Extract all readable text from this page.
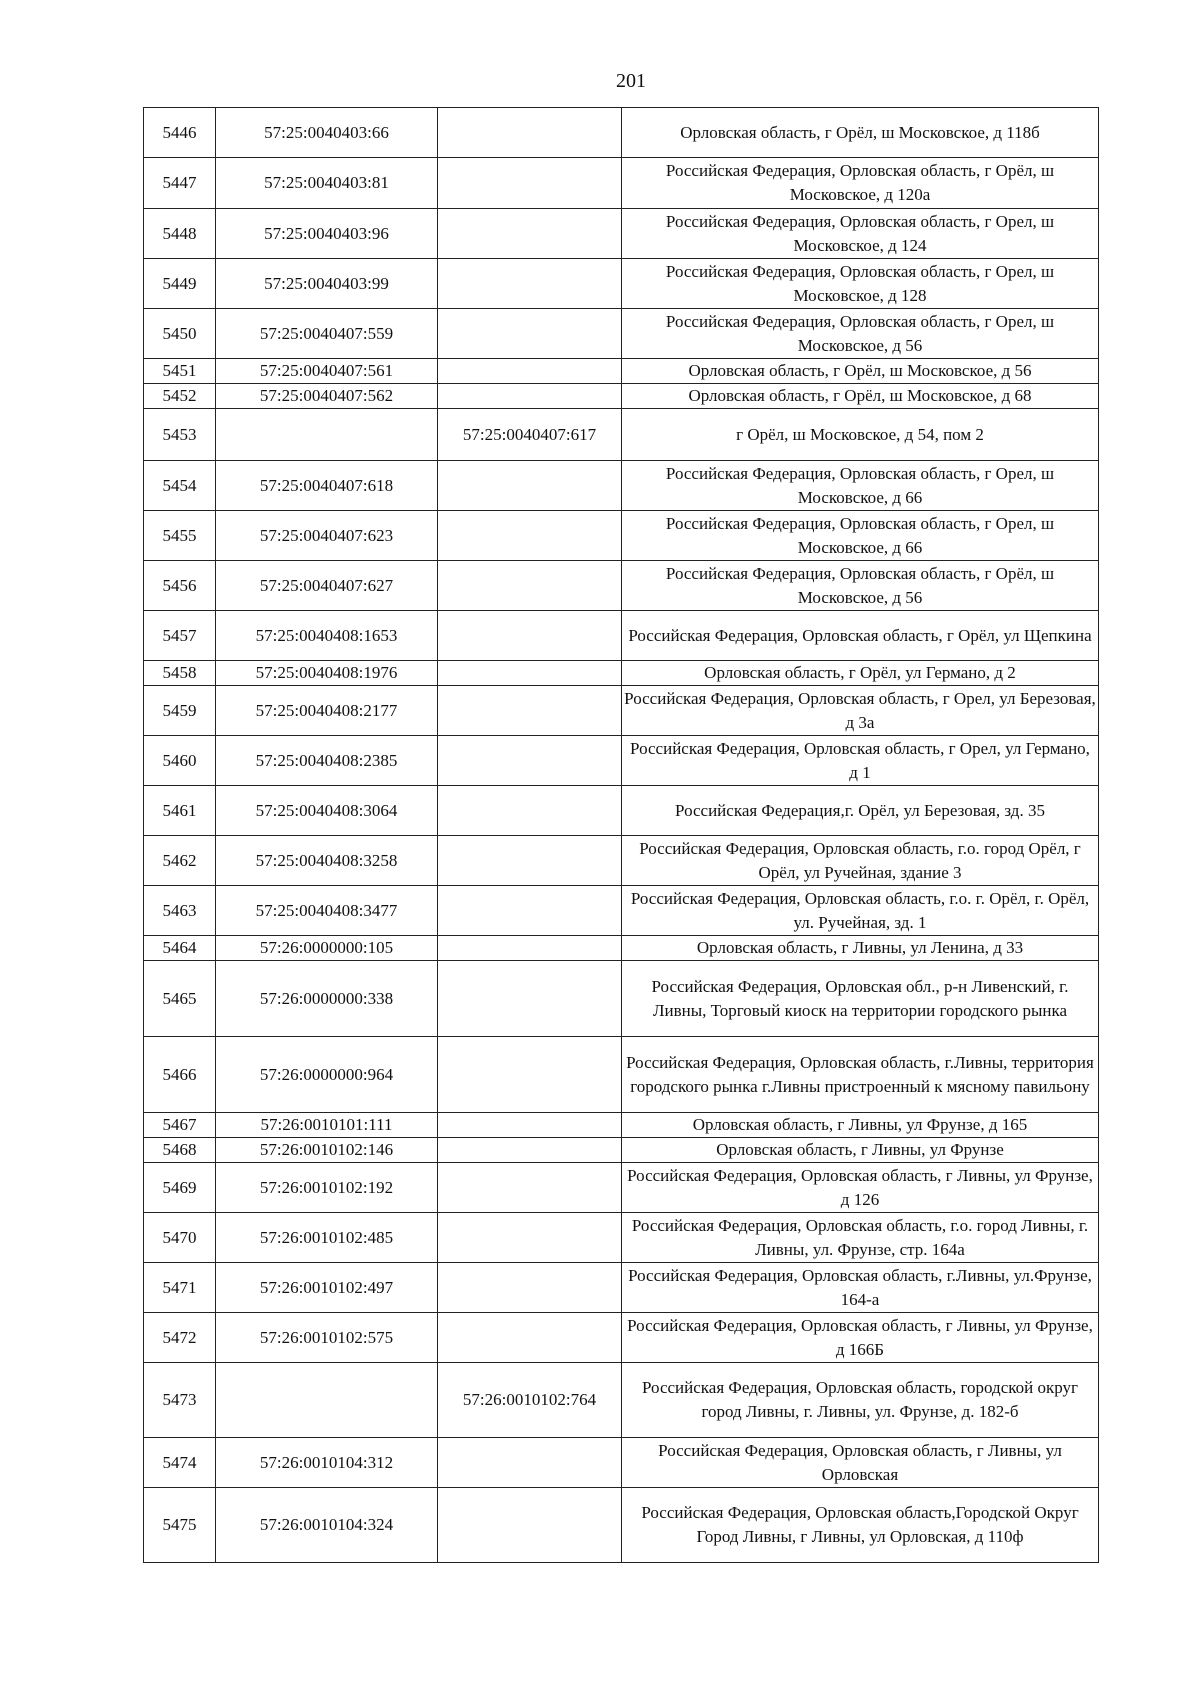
201
5446	57:25:0040403:66		Орловская область, г Орёл, ш Московское, д 118б
5447	57:25:0040403:81		Российская Федерация, Орловская область, г Орёл, ш Московское, д 120а
5448	57:25:0040403:96		Российская Федерация, Орловская область, г Орел, ш Московское, д 124
5449	57:25:0040403:99		Российская Федерация, Орловская область, г Орел, ш Московское, д 128
5450	57:25:0040407:559		Российская Федерация, Орловская область, г Орел, ш Московское, д 56
5451	57:25:0040407:561		Орловская область, г Орёл, ш Московское, д 56
5452	57:25:0040407:562		Орловская область, г Орёл, ш Московское, д 68
5453		57:25:0040407:617	г Орёл, ш Московское, д 54, пом 2
5454	57:25:0040407:618		Российская Федерация, Орловская область, г Орел, ш Московское, д 66
5455	57:25:0040407:623		Российская Федерация, Орловская область, г Орел, ш Московское, д 66
5456	57:25:0040407:627		Российская Федерация, Орловская область, г Орёл, ш Московское, д 56
5457	57:25:0040408:1653		Российская Федерация, Орловская область, г Орёл, ул Щепкина
5458	57:25:0040408:1976		Орловская область, г Орёл, ул Германо, д 2
5459	57:25:0040408:2177		Российская Федерация, Орловская область, г Орел, ул Березовая, д 3а
5460	57:25:0040408:2385		Российская Федерация, Орловская область, г Орел, ул Германо, д 1
5461	57:25:0040408:3064		Российская Федерация,г. Орёл, ул Березовая, зд. 35
5462	57:25:0040408:3258		Российская Федерация, Орловская область, г.о. город Орёл, г Орёл, ул Ручейная, здание 3
5463	57:25:0040408:3477		Российская Федерация, Орловская область, г.о. г. Орёл, г. Орёл, ул. Ручейная, зд. 1
5464	57:26:0000000:105		Орловская область, г Ливны, ул Ленина, д 33
5465	57:26:0000000:338		Российская Федерация, Орловская обл., р-н Ливенский, г. Ливны, Торговый киоск на территории городского рынка
5466	57:26:0000000:964		Российская Федерация, Орловская область, г.Ливны, территория городского рынка г.Ливны пристроенный к мясному павильону
5467	57:26:0010101:111		Орловская область, г Ливны, ул Фрунзе, д 165
5468	57:26:0010102:146		Орловская область, г Ливны, ул Фрунзе
5469	57:26:0010102:192		Российская Федерация, Орловская область, г Ливны, ул Фрунзе, д 126
5470	57:26:0010102:485		Российская Федерация, Орловская область, г.о. город Ливны, г. Ливны, ул. Фрунзе, стр. 164а
5471	57:26:0010102:497		Российская Федерация, Орловская область, г.Ливны, ул.Фрунзе, 164-а
5472	57:26:0010102:575		Российская Федерация, Орловская область, г Ливны, ул Фрунзе, д 166Б
5473		57:26:0010102:764	Российская Федерация, Орловская область, городской округ город Ливны, г. Ливны, ул. Фрунзе, д. 182-б
5474	57:26:0010104:312		Российская Федерация, Орловская область, г Ливны, ул Орловская
5475	57:26:0010104:324		Российская Федерация, Орловская область,Городской Округ Город Ливны, г Ливны, ул Орловская, д 110ф
